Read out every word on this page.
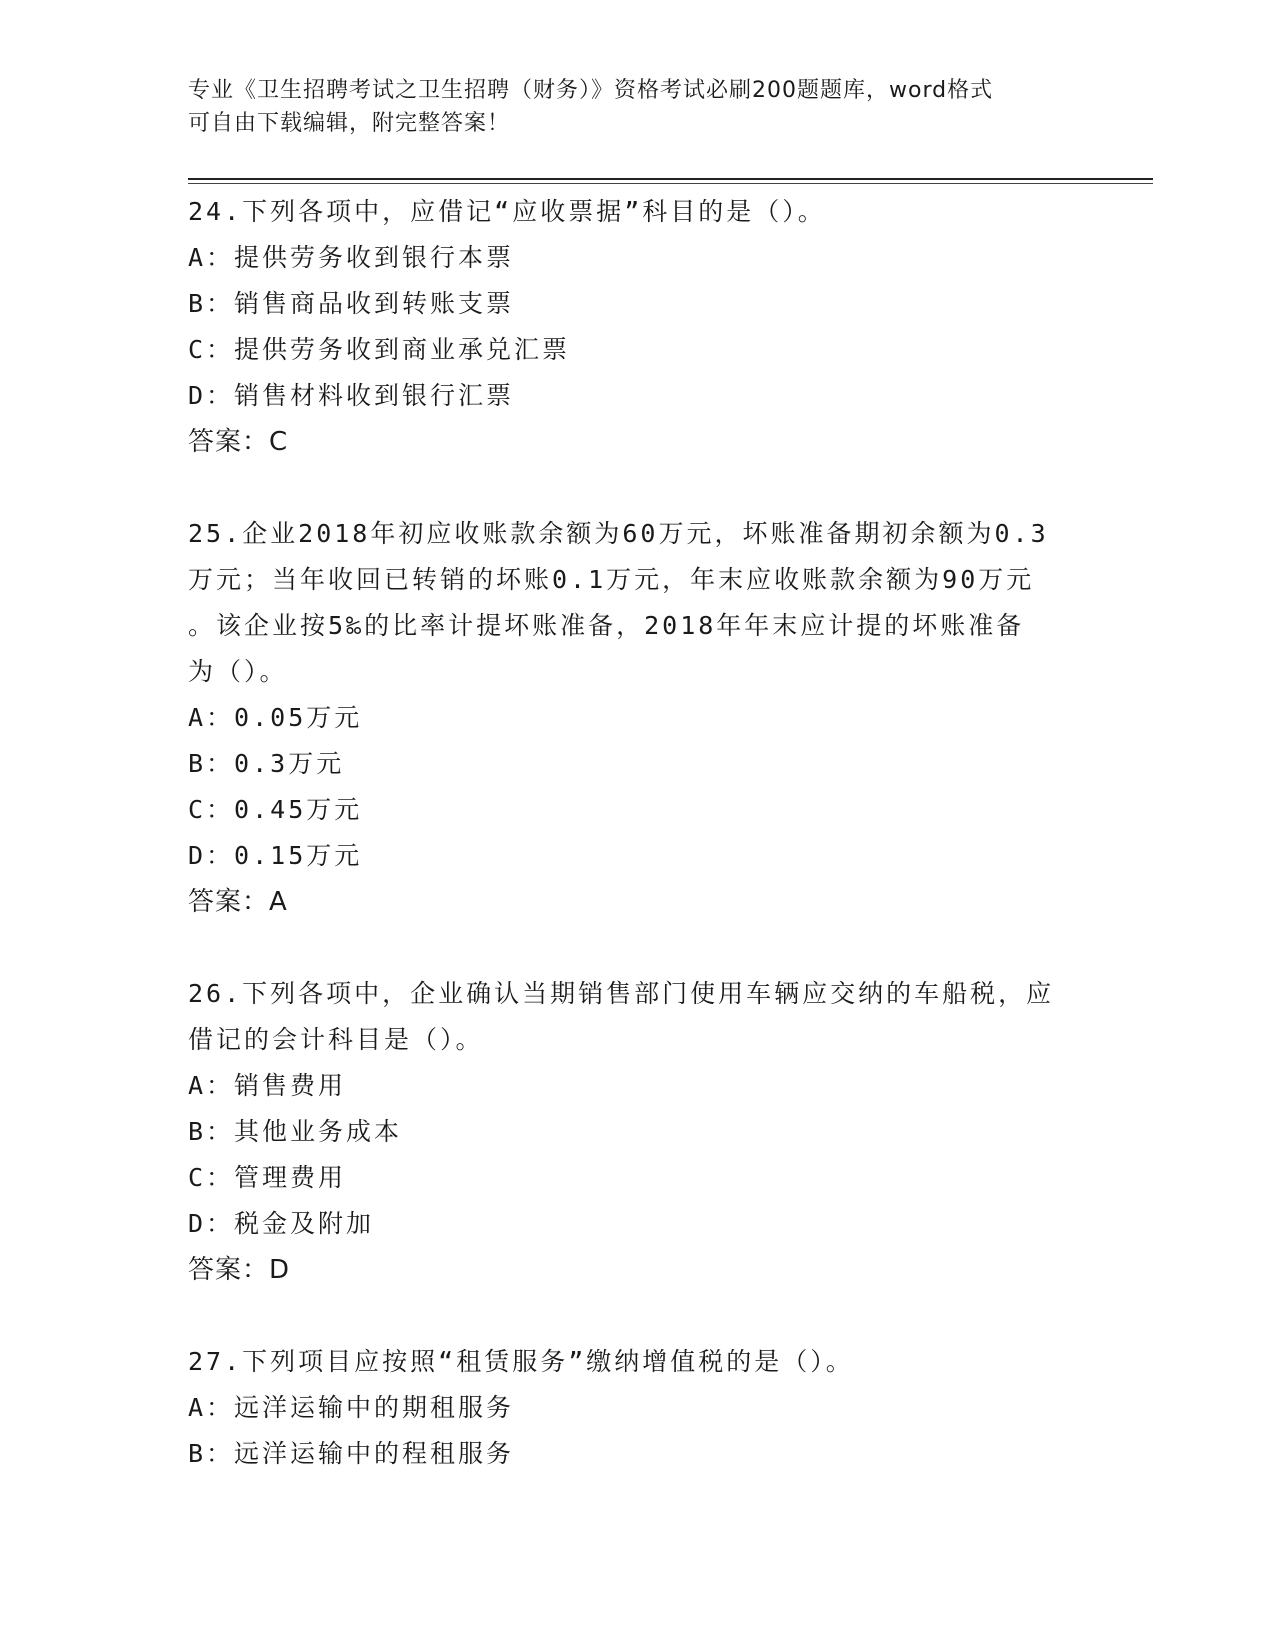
专业《卫生招聘考试之卫生招聘（财务）》资格考试必刷200题题库，word格式
可自由下载编辑，附完整答案！
24.下列各项中，应借记“应收票据”科目的是（）。
A：提供劳务收到银行本票
B：销售商品收到转账支票
C：提供劳务收到商业承兑汇票
D：销售材料收到银行汇票
答案：C
25.企业2018年初应收账款余额为60万元，坏账准备期初余额为0.3
万元；当年收回已转销的坏账0.1万元，年末应收账款余额为90万元
。该企业按5‰的比率计提坏账准备，2018年年末应计提的坏账准备
为（）。
A：0.05万元
B：0.3万元
C：0.45万元
D：0.15万元
答案：A
26.下列各项中，企业确认当期销售部门使用车辆应交纳的车船税，应
借记的会计科目是（）。
A：销售费用
B：其他业务成本
C：管理费用
D：税金及附加
答案：D
27.下列项目应按照“租赁服务”缴纳增值税的是（）。
A：远洋运输中的期租服务
B：远洋运输中的程租服务
